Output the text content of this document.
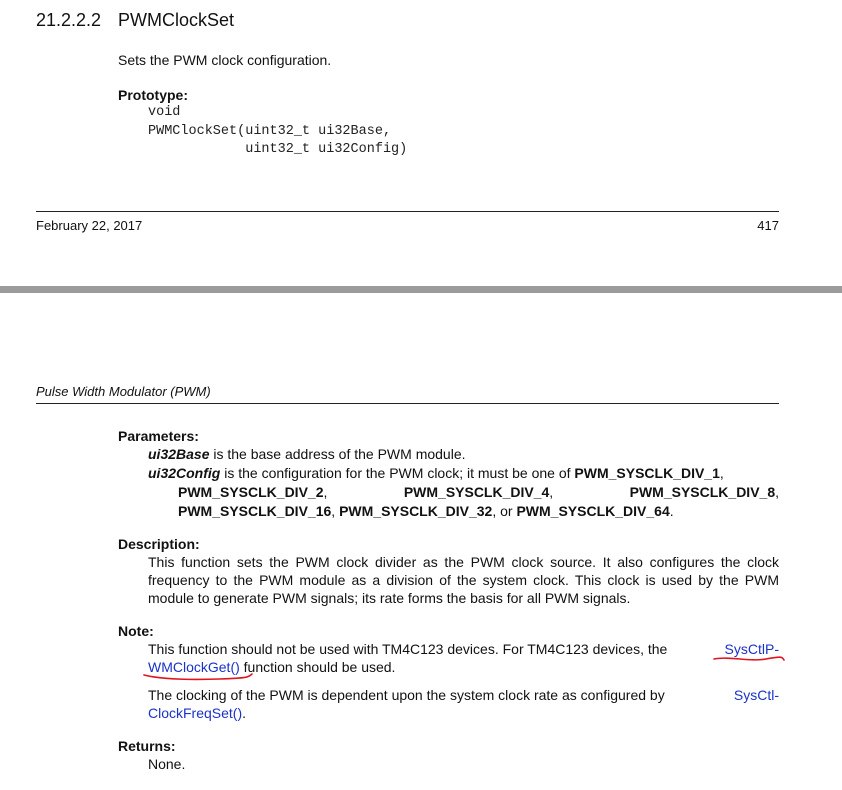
21.2.2.2 PWMClockSet
Sets the PWM clock configuration.
Prototype:
void
PWMClockSet(uint32_t ui32Base,
uint32_t ui32Config)
February 22, 2017	417
Pulse Width Modulator (PWM)
Parameters:
ui32Base is the base address of the PWM module.
ui32Config is the configuration for the PWM clock; it must be one of PWM_SYSCLK_DIV_1,
PWM_SYSCLK_DIV_2,	PWM_SYSCLK_DIV_4,	PWM_SYSCLK_DIV_8,
PWM_SYSCLK_DIV_16, PWM_SYSCLK_DIV_32, or PWM_SYSCLK_DIV_64.
Description:
This function sets the PWM clock divider as the PWM clock source. It also configures the clock frequency to the PWM module as a division of the system clock. This clock is used by the PWM module to generate PWM signals; its rate forms the basis for all PWM signals.
Note:
This function should not be used with TM4C123 devices. For TM4C123 devices, the	SysCtlP-
WMClockGet() function should be used.
The clocking of the PWM is dependent upon the system clock rate as configured by	SysCtl-
ClockFreqSet().
Returns:
None.
